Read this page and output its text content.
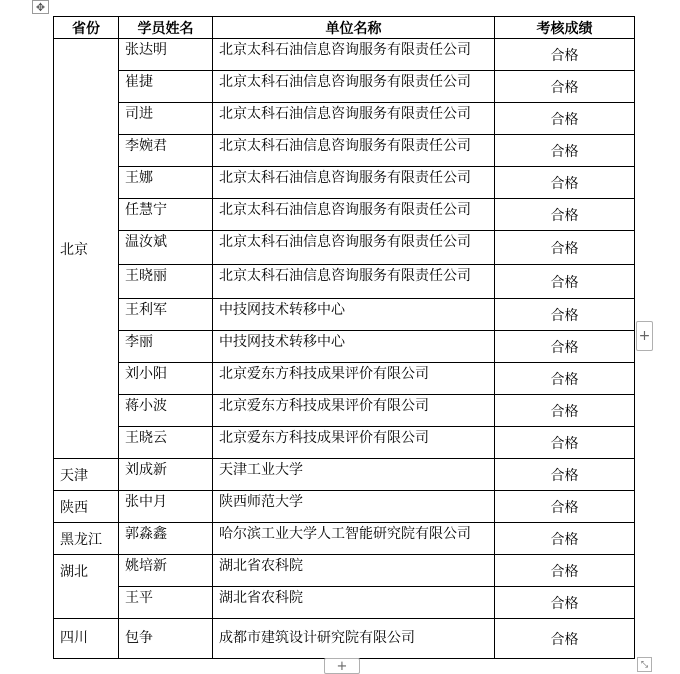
✥
省份	学员姓名	单位名称	考核成绩
北京	张达明	北京太科石油信息咨询服务有限责任公司	合格
	崔捷	北京太科石油信息咨询服务有限责任公司	合格
	司进	北京太科石油信息咨询服务有限责任公司	合格
	李婉君	北京太科石油信息咨询服务有限责任公司	合格
	王娜	北京太科石油信息咨询服务有限责任公司	合格
	任慧宁	北京太科石油信息咨询服务有限责任公司	合格
	温汝斌	北京太科石油信息咨询服务有限责任公司	合格
	王晓丽	北京太科石油信息咨询服务有限责任公司	合格
	王利军	中技网技术转移中心	合格
	李丽	中技网技术转移中心	合格
	刘小阳	北京爱东方科技成果评价有限公司	合格
	蒋小波	北京爱东方科技成果评价有限公司	合格
	王晓云	北京爱东方科技成果评价有限公司	合格
天津	刘成新	天津工业大学	合格
陕西	张中月	陕西师范大学	合格
黑龙江	郭淼鑫	哈尔滨工业大学人工智能研究院有限公司	合格
湖北	姚培新	湖北省农科院	合格
	王平	湖北省农科院	合格
四川	包争	成都市建筑设计研究院有限公司	合格
+
+	⤡
